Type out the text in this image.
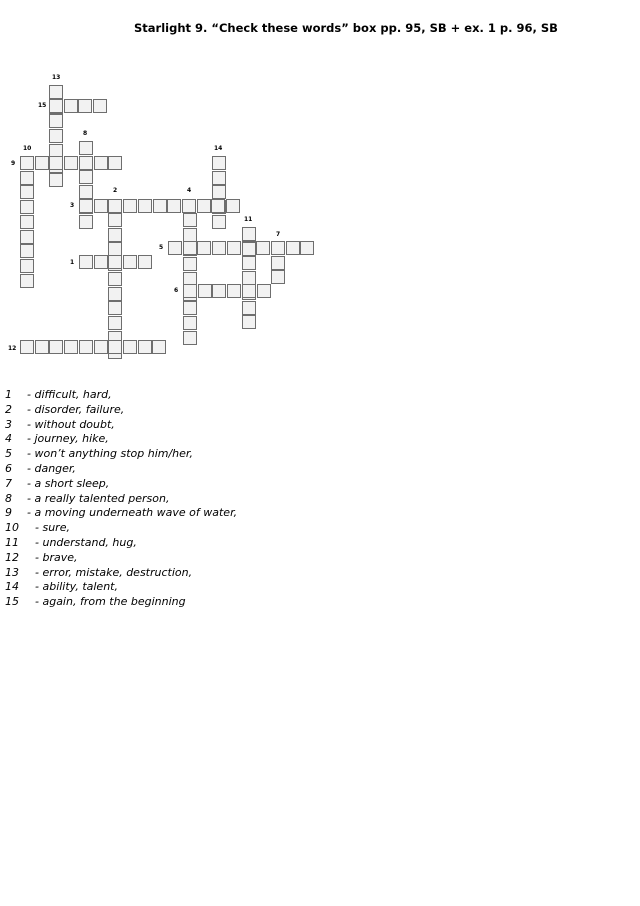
Starlight 9. “Check these words” box pp. 95, SB + ex. 1 p. 96, SB
9
10
13
15
8
14
2	4
3
11
7
5
1
6
12
1 - difficult, hard,
2 - disorder, failure,
3 - without doubt,
4 - journey, hike,
5 - won’t anything stop him/her,
6 - danger,
7 - a short sleep,
8 - a really talented person,
9 - a moving underneath wave of water,
10 - sure,
11 - understand, hug,
12 - brave,
13 - error, mistake, destruction,
14 - ability, talent,
15 - again, from the beginning
